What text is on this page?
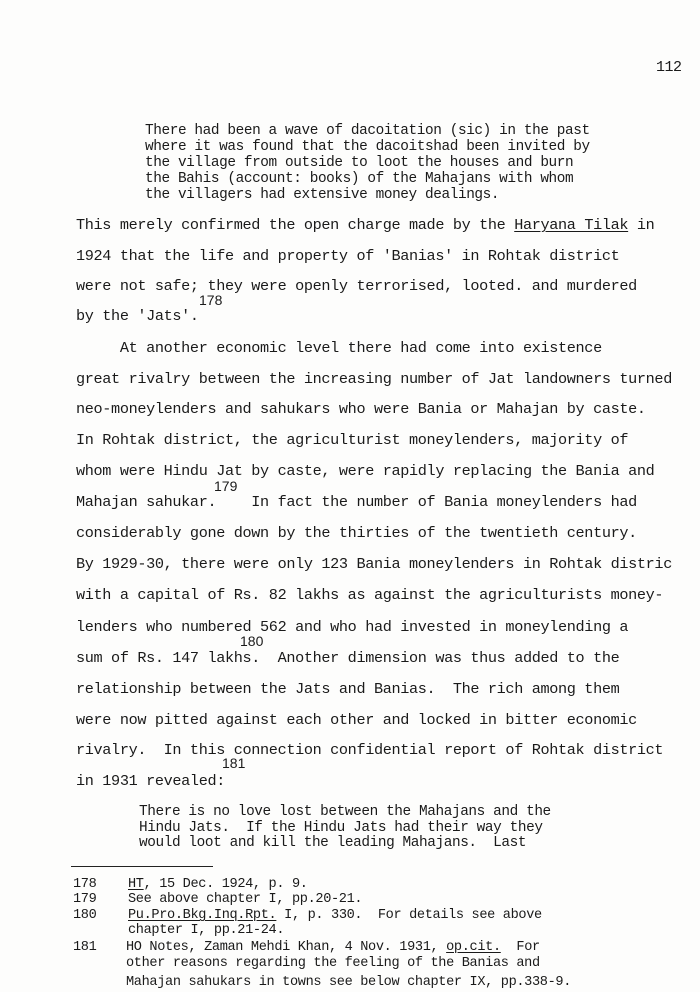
112
There had been a wave of dacoitation (sic) in the past
where it was found that the dacoitshad been invited by
the village from outside to loot the houses and burn
the Bahis (account: books) of the Mahajans with whom
the villagers had extensive money dealings.
This merely confirmed the open charge made by the Haryana Tilak in
1924 that the life and property of 'Banias' in Rohtak district
were not safe; they were openly terrorised, looted. and murdered
178
by the 'Jats'.
At another economic level there had come into existence
great rivalry between the increasing number of Jat landowners turned
neo-moneylenders and sahukars who were Bania or Mahajan by caste.
In Rohtak district, the agriculturist moneylenders, majority of
whom were Hindu Jat by caste, were rapidly replacing the Bania and
179
Mahajan sahukar.    In fact the number of Bania moneylenders had
considerably gone down by the thirties of the twentieth century.
By 1929-30, there were only 123 Bania moneylenders in Rohtak distric
with a capital of Rs. 82 lakhs as against the agriculturists money-
lenders who numbered 562 and who had invested in moneylending a
180
sum of Rs. 147 lakhs.  Another dimension was thus added to the
relationship between the Jats and Banias.  The rich among them
were now pitted against each other and locked in bitter economic
rivalry.  In this connection confidential report of Rohtak district
181
in 1931 revealed:
There is no love lost between the Mahajans and the
Hindu Jats.  If the Hindu Jats had their way they
would loot and kill the leading Mahajans.  Last
178 HT, 15 Dec. 1924, p. 9.
179 See above chapter I, pp.20-21.
180 Pu.Pro.Bkg.Inq.Rpt. I, p. 330.  For details see above
chapter I, pp.21-24.
181 HO Notes, Zaman Mehdi Khan, 4 Nov. 1931, op.cit.  For
other reasons regarding the feeling of the Banias and
Mahajan sahukars in towns see below chapter IX, pp.338-9.
